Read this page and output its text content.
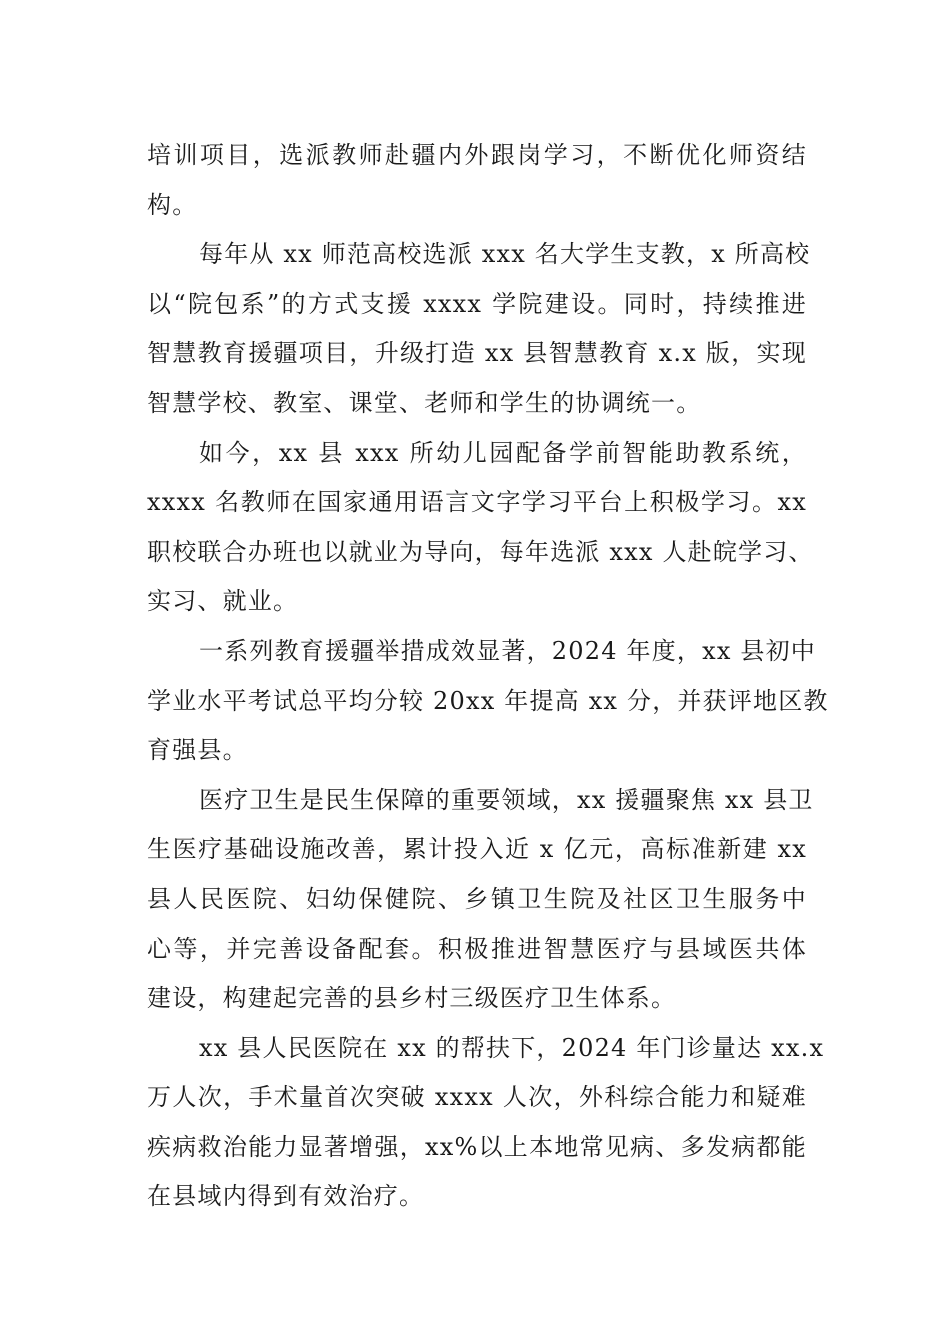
培训项目，选派教师赴疆内外跟岗学习，不断优化师资结
构。
每年从 xx 师范高校选派 xxx 名大学生支教，x 所高校
以“院包系”的方式支援 xxxx 学院建设。同时，持续推进
智慧教育援疆项目，升级打造 xx 县智慧教育 x.x 版，实现
智慧学校、教室、课堂、老师和学生的协调统一。
如今，xx 县 xxx 所幼儿园配备学前智能助教系统，
xxxx 名教师在国家通用语言文字学习平台上积极学习。xx
职校联合办班也以就业为导向，每年选派 xxx 人赴皖学习、
实习、就业。
一系列教育援疆举措成效显著，2024 年度，xx 县初中
学业水平考试总平均分较 20xx 年提高 xx 分，并获评地区教
育强县。
医疗卫生是民生保障的重要领域，xx 援疆聚焦 xx 县卫
生医疗基础设施改善，累计投入近 x 亿元，高标准新建 xx
县人民医院、妇幼保健院、乡镇卫生院及社区卫生服务中
心等，并完善设备配套。积极推进智慧医疗与县域医共体
建设，构建起完善的县乡村三级医疗卫生体系。
xx 县人民医院在 xx 的帮扶下，2024 年门诊量达 xx.x
万人次，手术量首次突破 xxxx 人次，外科综合能力和疑难
疾病救治能力显著增强，xx%以上本地常见病、多发病都能
在县域内得到有效治疗。
